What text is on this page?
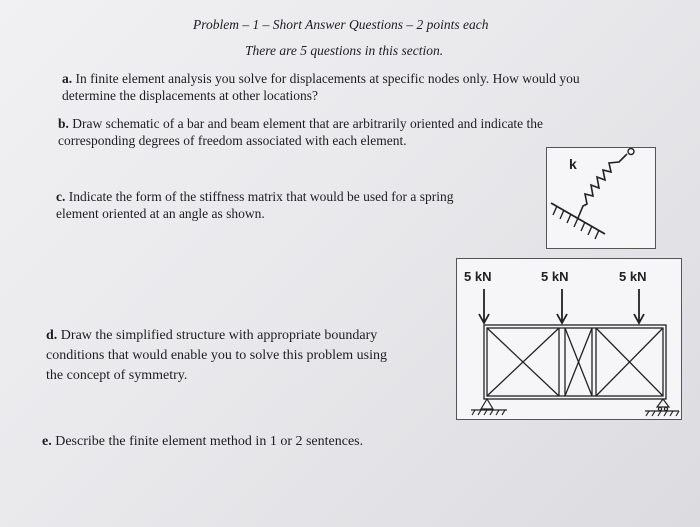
Problem – 1 – Short Answer Questions – 2 points each

There are 5 questions in this section.

a. In finite element analysis you solve for displacements at specific nodes only. How would you
determine the displacements at other locations?
b. Draw schematic of a bar and beam element that are arbitrarily oriented and indicate the
corresponding degrees of freedom associated with each element.
c. Indicate the form of the stiffness matrix that would be used for a spring
element oriented at an angle as shown.
k
d. Draw the simplified structure with appropriate boundary
conditions that would enable you to solve this problem using
the concept of symmetry.
5 kN	5 kN	5 kN
e. Describe the finite element method in 1 or 2 sentences.
